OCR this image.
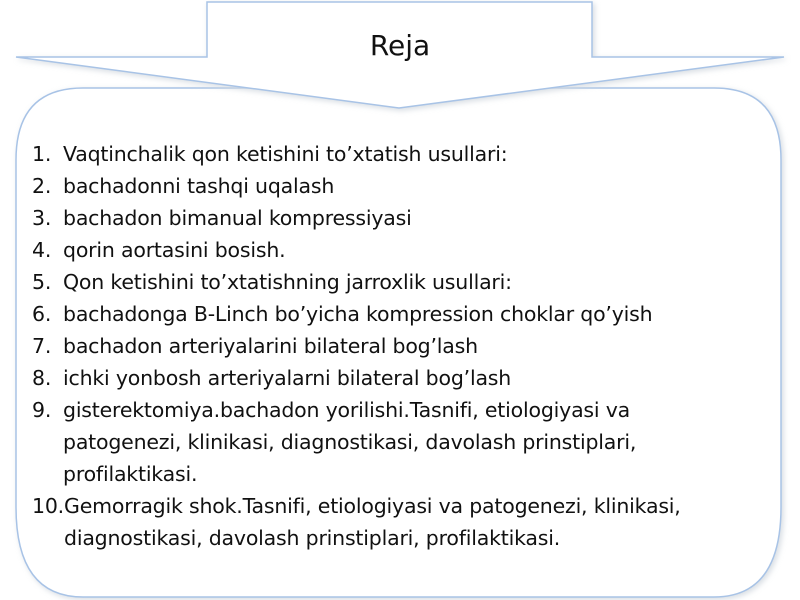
Reja
1. Vaqtinchalik qon ketishini to’xtatish usullari:
2. bachadonni tashqi uqalash
3. bachadon bimanual kompressiyasi
4. qorin aortasini bosish.
5. Qon ketishini to’xtatishning jarroxlik usullari:
6. bachadonga B-Linch bo’yicha kompression choklar qo’yish
7. bachadon arteriyalarini bilateral bog’lash
8. ichki yonbosh arteriyalarni bilateral bog’lash
9. gisterektomiya.bachadon yorilishi.Tasnifi, etiologiyasi va patogenezi, klinikasi, diagnostikasi, davolash prinstiplari, profilaktikasi.
10. Gemorragik shok.Tasnifi, etiologiyasi va patogenezi, klinikasi, diagnostikasi, davolash prinstiplari, profilaktikasi.
